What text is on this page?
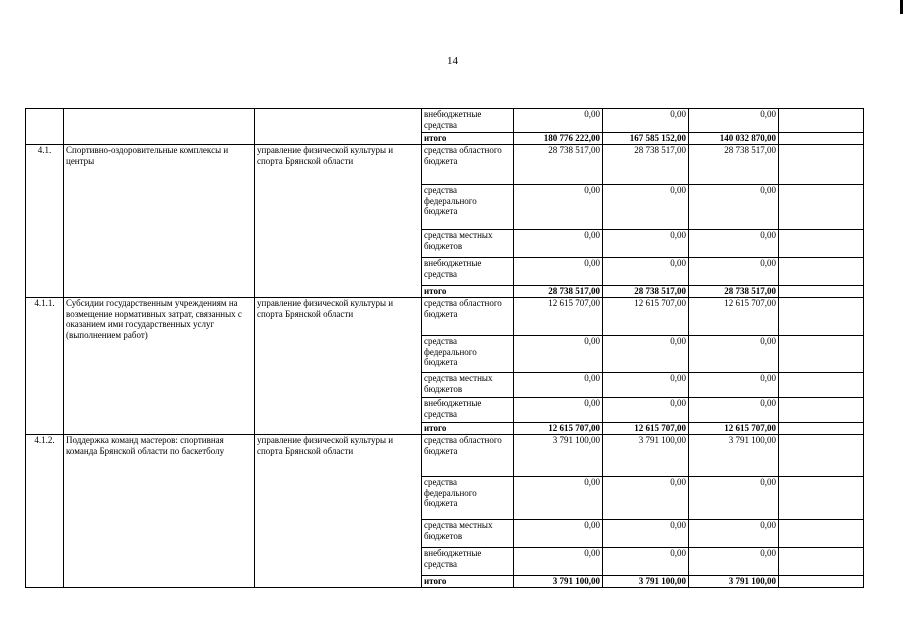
14
			внебюджетные средства	0,00	0,00	0,00	
			итого	180 776 222,00	167 585 152,00	140 032 870,00	
4.1.	Спортивно-оздоровительные комплексы и центры	управление физической культуры и спорта Брянской области	средства областного бюджета	28 738 517,00	28 738 517,00	28 738 517,00	
			средства федерального бюджета	0,00	0,00	0,00	
			средства местных бюджетов	0,00	0,00	0,00	
			внебюджетные средства	0,00	0,00	0,00	
			итого	28 738 517,00	28 738 517,00	28 738 517,00	
4.1.1.	Субсидии государственным учреждениям на возмещение нормативных затрат, связанных с оказанием ими государственных услуг (выполнением работ)	управление физической культуры и спорта Брянской области	средства областного бюджета	12 615 707,00	12 615 707,00	12 615 707,00	
			средства федерального бюджета	0,00	0,00	0,00	
			средства местных бюджетов	0,00	0,00	0,00	
			внебюджетные средства	0,00	0,00	0,00	
			итого	12 615 707,00	12 615 707,00	12 615 707,00	
4.1.2.	Поддержка команд мастеров: спортивная команда Брянской области по баскетболу	управление физической культуры и спорта Брянской области	средства областного бюджета	3 791 100,00	3 791 100,00	3 791 100,00	
			средства федерального бюджета	0,00	0,00	0,00	
			средства местных бюджетов	0,00	0,00	0,00	
			внебюджетные средства	0,00	0,00	0,00	
			итого	3 791 100,00	3 791 100,00	3 791 100,00	
